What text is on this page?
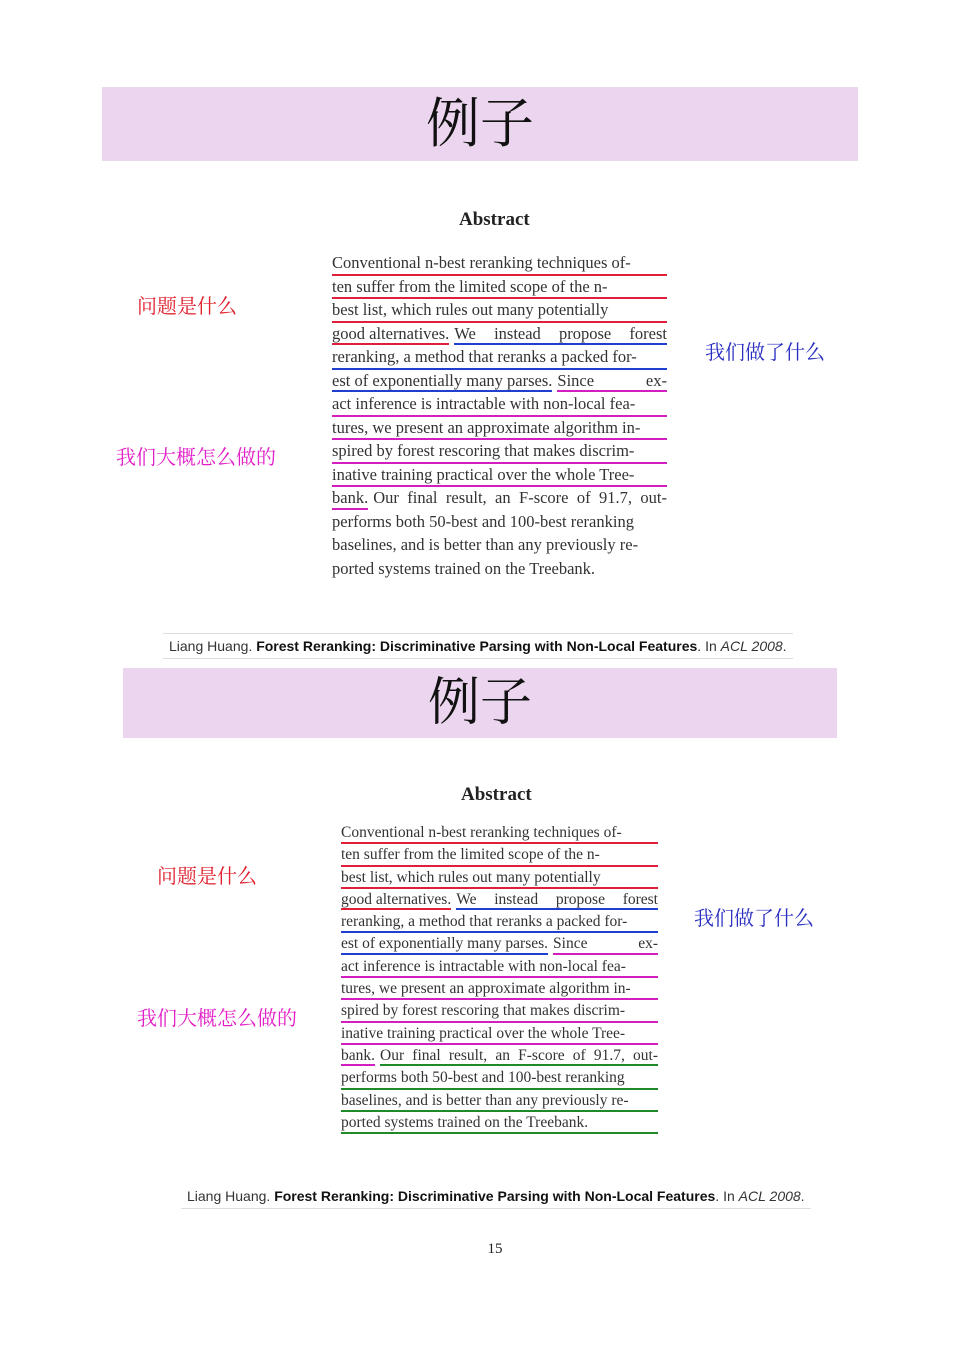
例子
Abstract
Conventional n-best reranking techniques of-
ten suffer from the limited scope of the n-
best list, which rules out many potentially
good alternatives. We instead propose forest
reranking, a method that reranks a packed for-
est of exponentially many parses. Since ex-
act inference is intractable with non-local fea-
tures, we present an approximate algorithm in-
spired by forest rescoring that makes discrim-
inative training practical over the whole Tree-
bank. Our final result, an F-score of 91.7, out-
performs both 50-best and 100-best reranking
baselines, and is better than any previously re-
ported systems trained on the Treebank.
问题是什么
我们做了什么
我们大概怎么做的
Liang Huang. Forest Reranking: Discriminative Parsing with Non-Local Features. In ACL 2008.
例子
Abstract
Conventional n-best reranking techniques of-
ten suffer from the limited scope of the n-
best list, which rules out many potentially
good alternatives. We instead propose forest
reranking, a method that reranks a packed for-
est of exponentially many parses. Since ex-
act inference is intractable with non-local fea-
tures, we present an approximate algorithm in-
spired by forest rescoring that makes discrim-
inative training practical over the whole Tree-
bank. Our final result, an F-score of 91.7, out-
performs both 50-best and 100-best reranking
baselines, and is better than any previously re-
ported systems trained on the Treebank.
问题是什么
我们做了什么
我们大概怎么做的
Liang Huang. Forest Reranking: Discriminative Parsing with Non-Local Features. In ACL 2008.
15
